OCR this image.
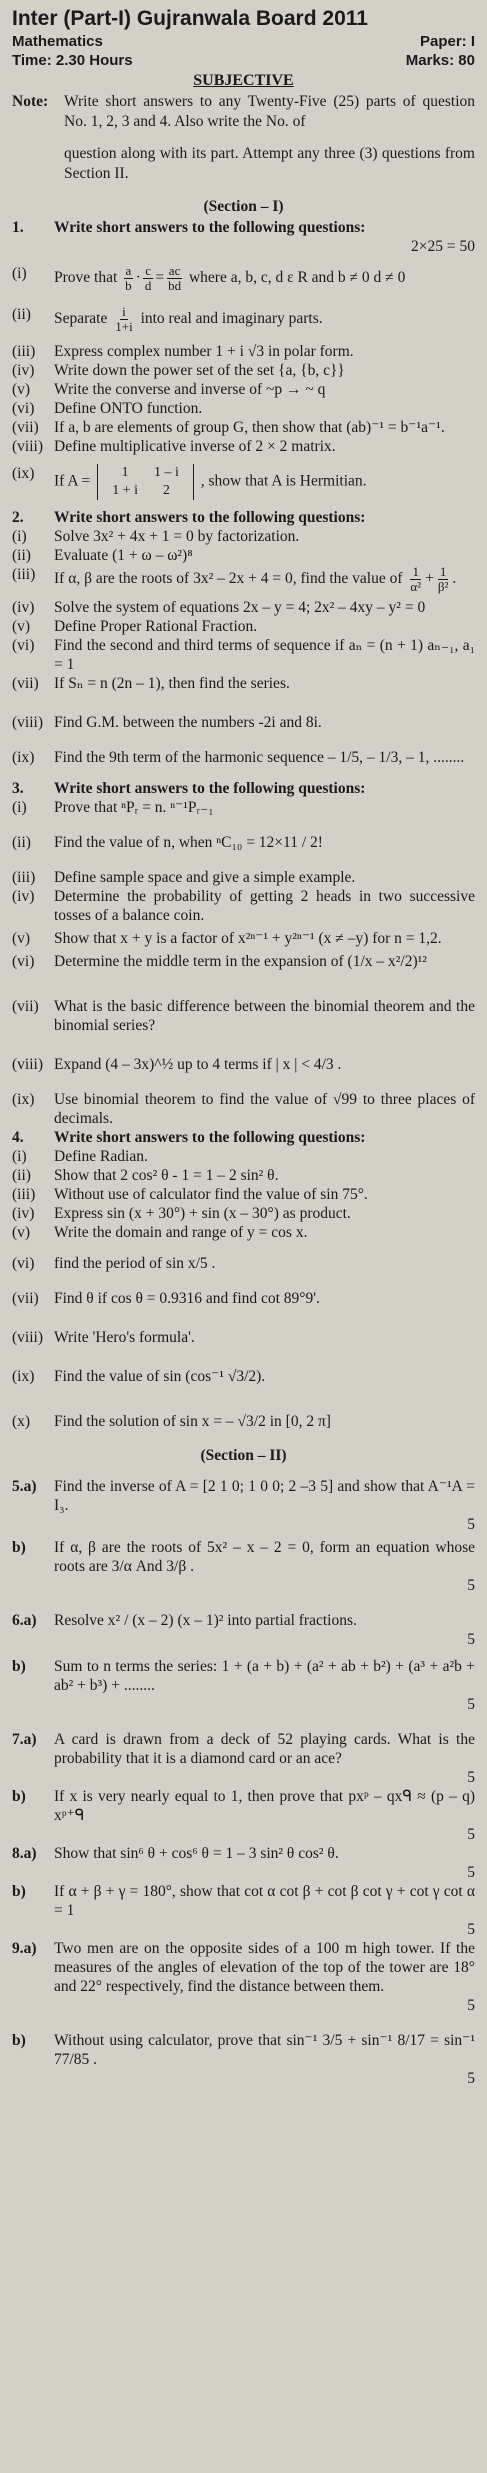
Inter (Part-I) Gujranwala Board 2011
Mathematics	Paper: I
Time: 2.30 Hours	Marks: 80
SUBJECTIVE
Note:	Write short answers to any Twenty-Five (25) parts of question No. 1, 2, 3 and 4. Also write the No. of

question along with its part. Attempt any three (3) questions from Section II.

(Section – I)
1.	Write short answers to the following questions:
2×25 = 50
(i)	Prove that $\frac{a}{b} \cdot \frac{c}{d} = \frac{ac}{bd}$ where a, b, c, d ε R and b ≠ 0 d ≠ 0
(ii)	Separate $\frac{i}{1+i}$ into real and imaginary parts.
(iii)	Express complex number 1 + i √3 in polar form.
(iv)	Write down the power set of the set {a, {b, c}}
(v)	Write the converse and inverse of ~p → ~ q
(vi)	Define ONTO function.
(vii) If a, b are elements of group G, then show that (ab)⁻¹ = b⁻¹a⁻¹.
(viii) Define multiplicative inverse of 2 × 2 matrix.
(ix)	If A =
1	1 – i
1 + i	2
, show that A is Hermitian.
2.	Write short answers to the following questions:
(i)	Solve 3x² + 4x + 1 = 0 by factorization.
(ii)	Evaluate (1 + ω – ω²)⁸
(iii)	If α, β are the roots of 3x² – 2x + 4 = 0, find the value of $\frac{1}{\text{α²}} + \frac{1}{\text{β²}}$ .
(iv)	Solve the system of equations 2x – y = 4; 2x² – 4xy – y² = 0
(v)	Define Proper Rational Fraction.
(vi)	Find the second and third terms of sequence if aₙ = (n + 1) aₙ₋₁, a₁ = 1
(vii) If Sₙ = n (2n – 1), then find the series.
(viii) Find G.M. between the numbers -2i and 8i.
(ix)	Find the 9th term of the harmonic sequence – 1/5, – 1/3, – 1, ........
3.	Write short answers to the following questions:
(i)	Prove that ⁿPᵣ = n. ⁿ⁻¹Pᵣ₋₁
(ii)	Find the value of n, when ⁿC₁₀ = 12×11 / 2!
(iii)	Define sample space and give a simple example.
(iv)	Determine the probability of getting 2 heads in two successive tosses of a balance coin.
(v)	Show that x + y is a factor of x²ⁿ⁻¹ + y²ⁿ⁻¹ (x ≠ –y) for n = 1,2.
(vi)	Determine the middle term in the expansion of (1/x – x²/2)¹²
(vii) What is the basic difference between the binomial theorem and the binomial series?
(viii) Expand (4 – 3x)^½ up to 4 terms if | x | < 4/3 .
(ix)	Use binomial theorem to find the value of √99 to three places of decimals.
4.	Write short answers to the following questions:
(i)	Define Radian.
(ii)	Show that 2 cos² θ - 1 = 1 – 2 sin² θ.
(iii)	Without use of calculator find the value of sin 75°.
(iv)	Express sin (x + 30°) + sin (x – 30°) as product.
(v)	Write the domain and range of y = cos x.
(vi)	find the period of sin x/5 .
(vii) Find θ if cos θ = 0.9316 and find cot 89°9'.
(viii) Write 'Hero's formula'.
(ix)	Find the value of sin (cos⁻¹ √3/2).
(x)	Find the solution of sin x = – √3/2 in [0, 2 π]
(Section – II)
5.a)	Find the inverse of A = [2 1 0; 1 0 0; 2 –3 5] and show that A⁻¹A = I₃.
5
b)	If α, β are the roots of 5x² – x – 2 = 0, form an equation whose roots are 3/α And 3/β .
5
6.a)	Resolve x² / (x – 2) (x – 1)² into partial fractions.
5
b)	Sum to n terms the series: 1 + (a + b) + (a² + ab + b²) + (a³ + a²b + ab² + b³) + ........
5
7.a)	A card is drawn from a deck of 52 playing cards. What is the probability that it is a diamond card or an ace?
5
b)	If x is very nearly equal to 1, then prove that pxᵖ – qxᑫ ≈ (p – q) xᵖ⁺ᑫ
5
8.a)	Show that sin⁶ θ + cos⁶ θ = 1 – 3 sin² θ cos² θ.
5
b)	If α + β + γ = 180°, show that cot α cot β + cot β cot γ + cot γ cot α = 1
5
9.a)	Two men are on the opposite sides of a 100 m high tower. If the measures of the angles of elevation of the top of the tower are 18° and 22° respectively, find the distance between them.
5
b)	Without using calculator, prove that sin⁻¹ 3/5 + sin⁻¹ 8/17 = sin⁻¹ 77/85 .
5
